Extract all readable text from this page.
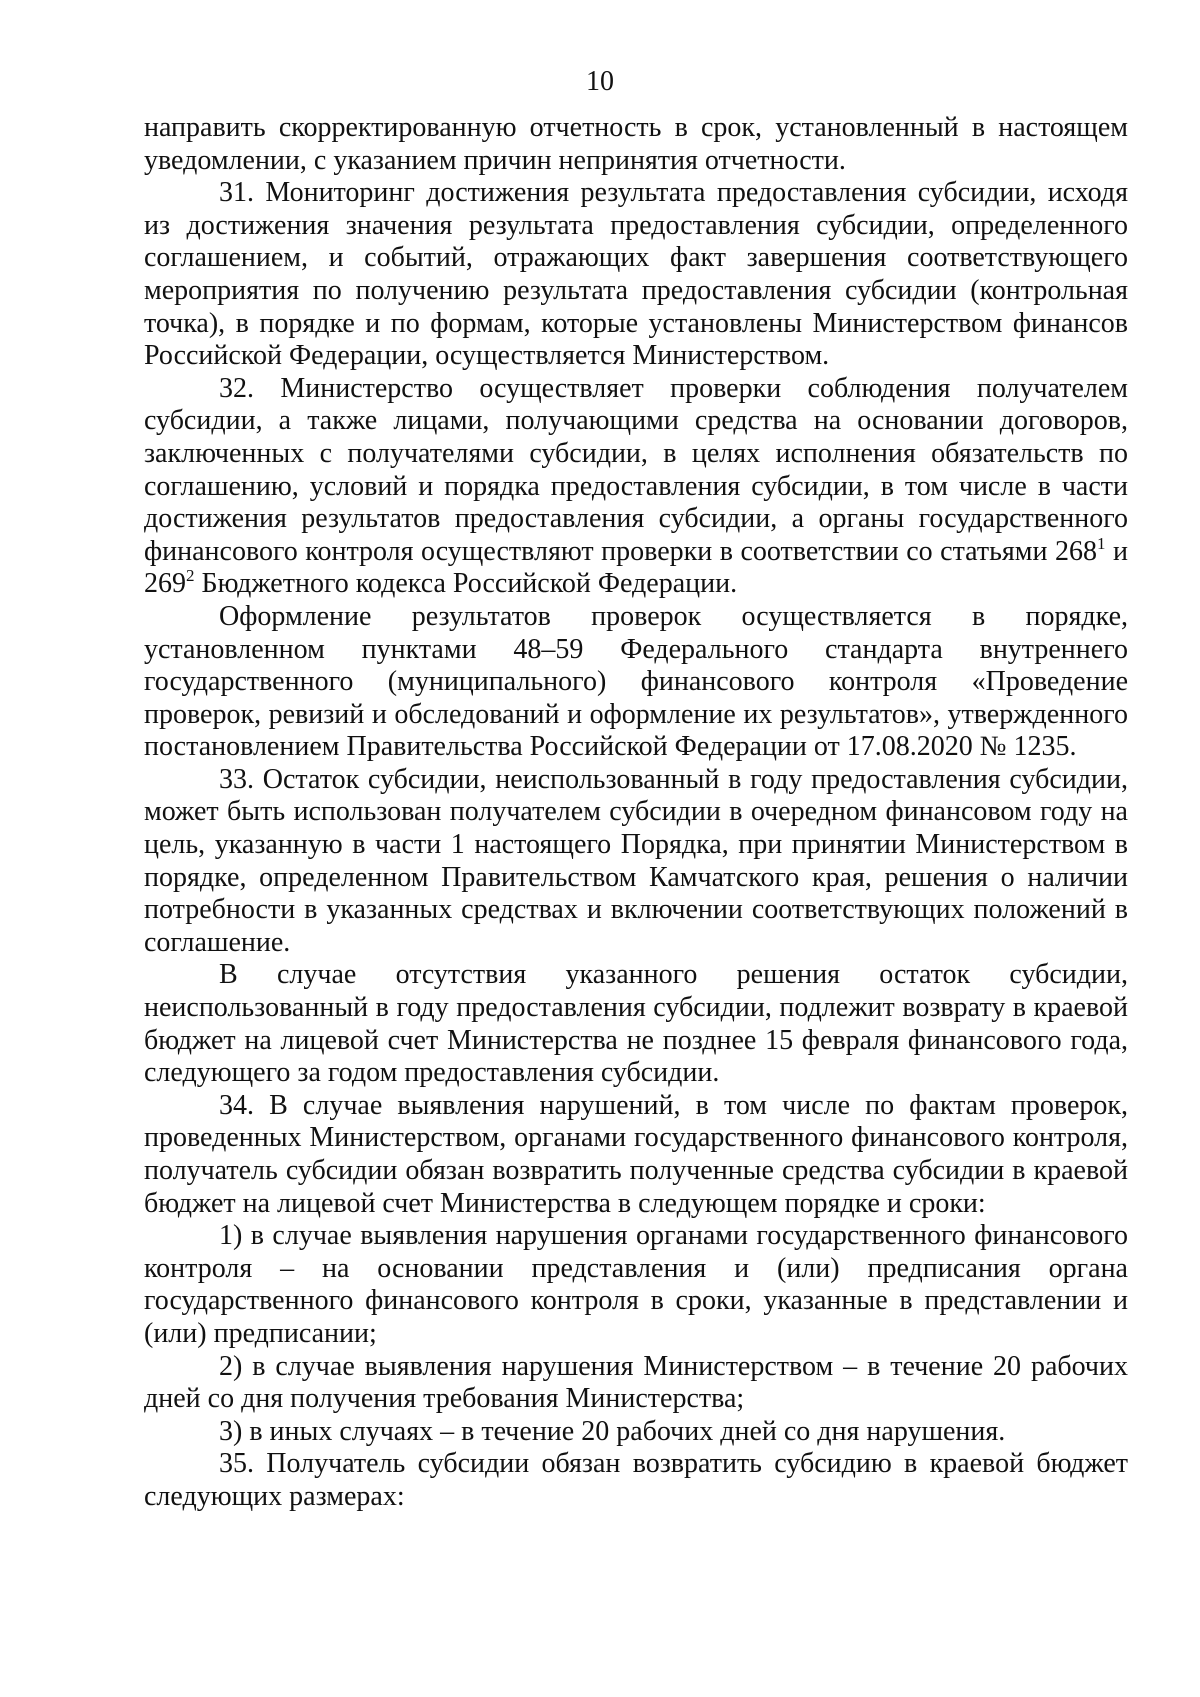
10

направить скорректированную отчетность в срок, установленный в настоящем уведомлении, с указанием причин непринятия отчетности.

31. Мониторинг достижения результата предоставления субсидии, исходя из достижения значения результата предоставления субсидии, определенного соглашением, и событий, отражающих факт завершения соответствующего мероприятия по получению результата предоставления субсидии (контрольная точка), в порядке и по формам, которые установлены Министерством финансов Российской Федерации, осуществляется Министерством.

32. Министерство осуществляет проверки соблюдения получателем субсидии, а также лицами, получающими средства на основании договоров, заключенных с получателями субсидии, в целях исполнения обязательств по соглашению, условий и порядка предоставления субсидии, в том числе в части достижения результатов предоставления субсидии, а органы государственного финансового контроля осуществляют проверки в соответствии со статьями $268^1$ и $269^2$ Бюджетного кодекса Российской Федерации.

Оформление результатов проверок осуществляется в порядке, установленном пунктами 48–59 Федерального стандарта внутреннего государственного (муниципального) финансового контроля «Проведение проверок, ревизий и обследований и оформление их результатов», утвержденного постановлением Правительства Российской Федерации от 17.08.2020 № 1235.

33. Остаток субсидии, неиспользованный в году предоставления субсидии, может быть использован получателем субсидии в очередном финансовом году на цель, указанную в части 1 настоящего Порядка, при принятии Министерством в порядке, определенном Правительством Камчатского края, решения о наличии потребности в указанных средствах и включении соответствующих положений в соглашение.

В случае отсутствия указанного решения остаток субсидии, неиспользованный в году предоставления субсидии, подлежит возврату в краевой бюджет на лицевой счет Министерства не позднее 15 февраля финансового года, следующего за годом предоставления субсидии.

34. В случае выявления нарушений, в том числе по фактам проверок, проведенных Министерством, органами государственного финансового контроля, получатель субсидии обязан возвратить полученные средства субсидии в краевой бюджет на лицевой счет Министерства в следующем порядке и сроки:

1) в случае выявления нарушения органами государственного финансового контроля – на основании представления и (или) предписания органа государственного финансового контроля в сроки, указанные в представлении и (или) предписании;

2) в случае выявления нарушения Министерством – в течение 20 рабочих дней со дня получения требования Министерства;

3) в иных случаях – в течение 20 рабочих дней со дня нарушения.

35. Получатель субсидии обязан возвратить субсидию в краевой бюджет следующих размерах:
